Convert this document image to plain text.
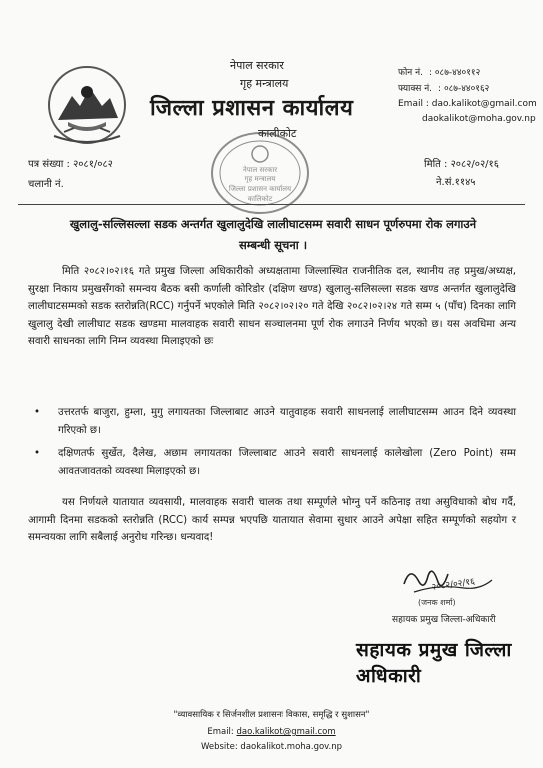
नेपाल सरकार
गृह मन्त्रालय
जिल्ला प्रशासन कार्यालय
कालीकोट
फोन नं. : ०८७-४४०११२
फ्याक्स नं. : ०८७-४४०१६२
Email : dao.kalikot@gmail.com
daokalikot@moha.gov.np
नेपाल सरकार
गृह मन्त्रालय
जिल्ला प्रशासन कार्यालय
कालिकोट
पत्र संख्या : २०८१/०८२
चलानी नं.
मिति : २०८२/०२/१६
ने.सं.११४५
खुलालु-सल्लिसल्ला सडक अन्तर्गत खुलालुदेखि लालीघाटसम्म सवारी साधन पूर्णरुपमा रोक लगाउने
सम्बन्धी सूचना ।
मिति २०८२।०२।१६ गते प्रमुख जिल्ला अधिकारीको अध्यक्षतामा जिल्लास्थित राजनीतिक दल, स्थानीय तह प्रमुख/अध्यक्ष, सुरक्षा निकाय प्रमुखसँगको समन्वय बैठक बसी कर्णाली कोरिडोर (दक्षिण खण्ड) खुलालु-सलिसल्ला सडक खण्ड अन्तर्गत खुलालुदेखि लालीघाटसम्मको सडक स्तरोन्नति(RCC) गर्नुपर्ने भएकोले मिति २०८२।०२।२० गते देखि २०८२।०२।२४ गते सम्म ५ (पाँच) दिनका लागि खुलालु देखी लालीघाट सडक खण्डमा मालवाहक सवारी साधन सञ्चालनमा पूर्ण रोक लगाउने निर्णय भएको छ। यस अवधिमा अन्य सवारी साधनका लागि निम्न व्यवस्था मिलाइएको छः
• उत्तरतर्फ बाजुरा, हुम्ला, मुगु लगायतका जिल्लाबाट आउने यातुवाहक सवारी साधनलाई लालीघाटसम्म आउन दिने व्यवस्था गरिएको छ।
• दक्षिणतर्फ सुर्खेत, दैलेख, अछाम लगायतका जिल्लाबाट आउने सवारी साधनलाई कालेखोला (Zero Point) सम्म आवतजावतको व्यवस्था मिलाइएको छ।
यस निर्णयले यातायात व्यवसायी, मालवाहक सवारी चालक तथा सम्पूर्णले भोग्नु पर्ने कठिनाइ तथा असुविधाको बोध गर्दै, आगामी दिनमा सडकको स्तरोन्नति (RCC) कार्य सम्पन्न भएपछि यातायात सेवामा सुधार आउने अपेक्षा सहित सम्पूर्णको सहयोग र समन्वयका लागि सबैलाई अनुरोध गरिन्छ। धन्यवाद!
२०८२/०२/१६
(जनक शर्मा)
सहायक प्रमुख जिल्ला-अधिकारी
सहायक प्रमुख जिल्ला अधिकारी
"व्यावसायिक र सिर्जनशील प्रशासनः विकास, समृद्धि र सुशासन"
Email: dao.kalikot@gmail.com
Website: daokalikot.moha.gov.np
